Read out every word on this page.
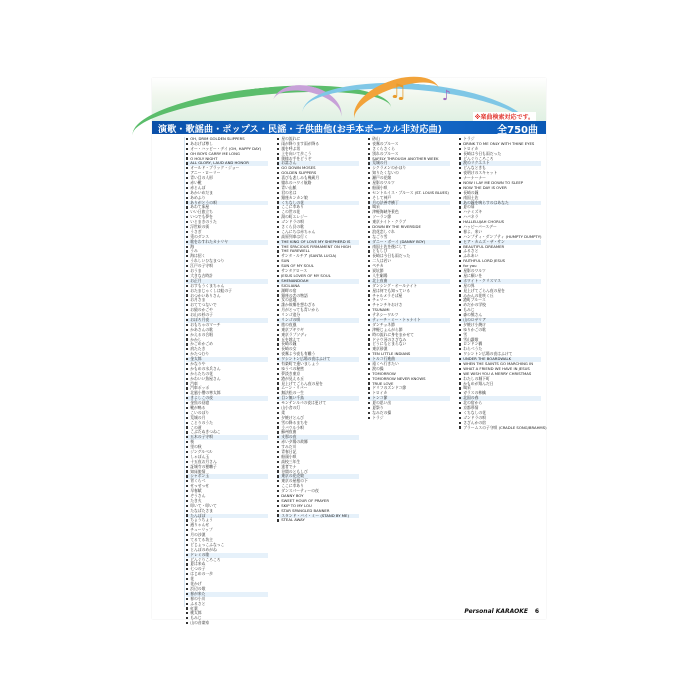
♫	♪
※楽曲検索対応です。
演歌・歌謡曲・ポップス・民謡・子供曲他(お手本ボーカル非対応曲)	全750曲
OH, DRIM GOLDEN SLIPPERS
あおげば尊し
オー・ハッピー・デイ (OH, HAPPY DAY)
OH BOYS CARRY ME LONG
O HOLY NIGHT
ALL GLORY, LAUD AND HONOR
オールド・ブラック・ジョー
アニー・ローリー
青い目の人形
赤い靴
赤とんぼ
あかいめだま
あめふり
ありがとうの唄
あわて床屋
いい日旅立ち
いつでも夢を
いとまきのうた
浮世絵の街
うさぎ
兎のダンス
歌をわすれたカナリヤ
海
うみ
海は招く
うれしいひなまつり
江戸の子守唄
おうま
大きな古時計
お正月
おすもうくまちゃん
おたまじゃくしは蛙の子
おつかいありさん
お月さま
おててつないで
お猿のかごや
お山の杉の子
おぼろ月夜
おもちゃのマーチ
かあさんの歌
かえるの合唱
かかし
かごめかごめ
肩たたき
かたつむり
金太郎
かなりや
かもめの水兵さん
からたちの花
かわいい魚屋さん
汽車
汽車ポッポ
北風小僧の寒太郎
きよしこの夜
金魚の昼寝
靴が鳴る
こいのぼり
荒城の月
ことりのうた
この道
こぶたぬきつねこ
五木の子守唄
桜
里の秋
ジングルベル
しゃぼん玉
十五夜お月さん
証城寺の狸囃子
知床旅情
シャボン玉
背くらべ
せっせっせ
早春賦
ぞうさん
たき火
叩いて・叩いて
たなばたさま
たんぽぽ
ちょうちょう
通りゃんせ
チューリップ
月の沙漠
てるてる坊主
どじょっこふなっこ
とんぼのめがね
ドレミの歌
どんぐりころころ
夏は来ぬ
七つの子
はじめの一歩
花
花かげ
浜辺の歌
春が来た
春の小川
ふるさと
紅葉
桃太郎
もみじ
山の音楽家
星の流れに
雨が降ります雨が降る
嵐を呼ぶ男
上を向いて歩こう
奥様お手をどうぞ
お富さん
GO DOWN MOSES
GOLDEN SLIPPERS
喜びも悲しみも幾歳月
憧れのハワイ航路
青い山脈
君の名は
銀座カンカン娘
くちなしの花
ここに幸あり
この世の花
湯の町エレジー
ゴンドラの唄
さくら貝の歌
こんにちは赤ちゃん
高原列車は行く
THE KING OF LOVE MY SHEPHERD IS
THE SPACIOUS FIRMAMENT ON HIGH
THE FAREWELL
サンタ・ルチア (SANTA LUCIA)
SUN
SUN OF MY SOUL
サンタクロース
JESUS LOVER OF MY SOUL
SHENANDOAH
SICILIANA
湖畔の宿
銀座の恋の物語
女の意地
誰か故郷を想わざる
月がとっても青いから
リンゴ追分
リンゴの唄
旅の夜風
東京ブギウギ
東京ラプソディ
丘を越えて
長崎の鐘
長崎の女
夜霧よ今夜も有難う
ワシントン広場の夜はふけて
有楽町で逢いましょう
ゆうべの秘密
夢淡き東京
港が見える丘
見上げてごらん夜の星を
ムーン・リバー
無法松の一生
目ン無い千鳥
モンテンルパの夜は更けて
山小舎の灯
柔
夕焼けとんび
雪の降るまちを
ラバウル小唄
蘇州夜曲
支那の夜
赤い夕陽の故郷
すみだ川
青春日記
船頭小唄
高校三年生
達者でナ
谷間のともしび
東京の花売娘
東京の屋根の下
ここに幸あり
ダンスパーティーの夜
DANNY BOY
SWEET HOUR OF PRAYER
SKIP TO MY LOU
STAR SPANGLED BANNER
スタンド・バイ・ミー (STAND BY ME)
STEAL AWAY
砂山
夜霧のブルース
さくらさくら
別れのブルース
SAFELY THROUGH ANOTHER WEEK
荒城の月
シクラメンのかほり
知りたくないの
瀬戸の花嫁
星影のワルツ
船頭小唄
セントルイス・ブルース (ST. LOUIS BLUES)
そして神戸
月の法善寺横丁
喝采
津軽海峡冬景色
ソーラン節
東京ナイト・クラブ
DOWN BY THE RIVERSIDE
浪花恋しぐれ
なごり雪
ダニー・ボーイ (DANNY BOY)
南国土佐を後にして
ともしび
長崎は今日も雨だった
二人は若い
ペチカ
炭坑節
人生劇場
北上夜曲
ダンシング・オールナイト
星は何でも知っている
チャルメラそば屋
チェリー
チャンチキおけさ
TSUNAMI
テネシーワルツ
ティーチ・ミー・トゥナイト
ダンチョネ節
津軽じょんがら節
時の流れに身をまかせて
ドナウ河のさざなみ
どうにもとまらない
東京砂漠
TEN LITTLE INDIANS
トルコ行進曲
遠くへ行きたい
涙の操
TOMORROW
TOMORROW NEVER KNOWS
TRUE LOVE
ドリフのズンドコ節
トロイカ
トンコ節
夏の思い出
夏祭り
なみだの操
トラジ
トラジ
DRINK TO ME ONLY WITH THINE EYES
トロイカ
長崎は今日も雨だった
どんぐりころころ
涙のリクエスト
どんなときも
夜明けのスキャット
ナーナーナー
NOW I LAY ME DOWN TO SLEEP
NOW THE DAY IS OVER
長崎の鐘
南国土佐
あの鐘を鳴らすのはあなた
夏の扉
ハナミズキ
ハバネラ
HALLELUJAH CHORUS
ハッピーバースデー
春よ、来い
ハンプティ・ダンプティ (HUMPTY DUMPTY)
ヒア・カムズ・ザ・サン
BEAUTIFUL DREAMER
ふるさと
ふれあい
FAITHFUL LORD JESUS
for you
星影のワルツ
星に願いを
ホワイト・クリスマス
星の界
見上げてごらん夜の星を
みかんの花咲く丘
港町ブルース
めだかの学校
もみじ
森の熊さん
山のロザリア
夕焼け小焼け
ゆりかごの歌
雪
雪山讃歌
ロンドン橋
わらべうた
ワシントン広場の夜はふけて
UNDER THE BOARDWALK
WHEN THE SAINTS GO MARCHING IN
WHAT A FRIEND WE HAVE IN JESUS
WE WISH YOU A MERRY CHRISTMAS
わたしの城下町
かもめが翔んだ日
喝采
ガラスの林檎
北国の春
北の宿から
京都慕情
くちなしの花
ゴンドラの唄
さざんかの宿
ブラームスの子守唄 (CRADLE SONG/BRAHMS)
Personal KARAOKE 6
